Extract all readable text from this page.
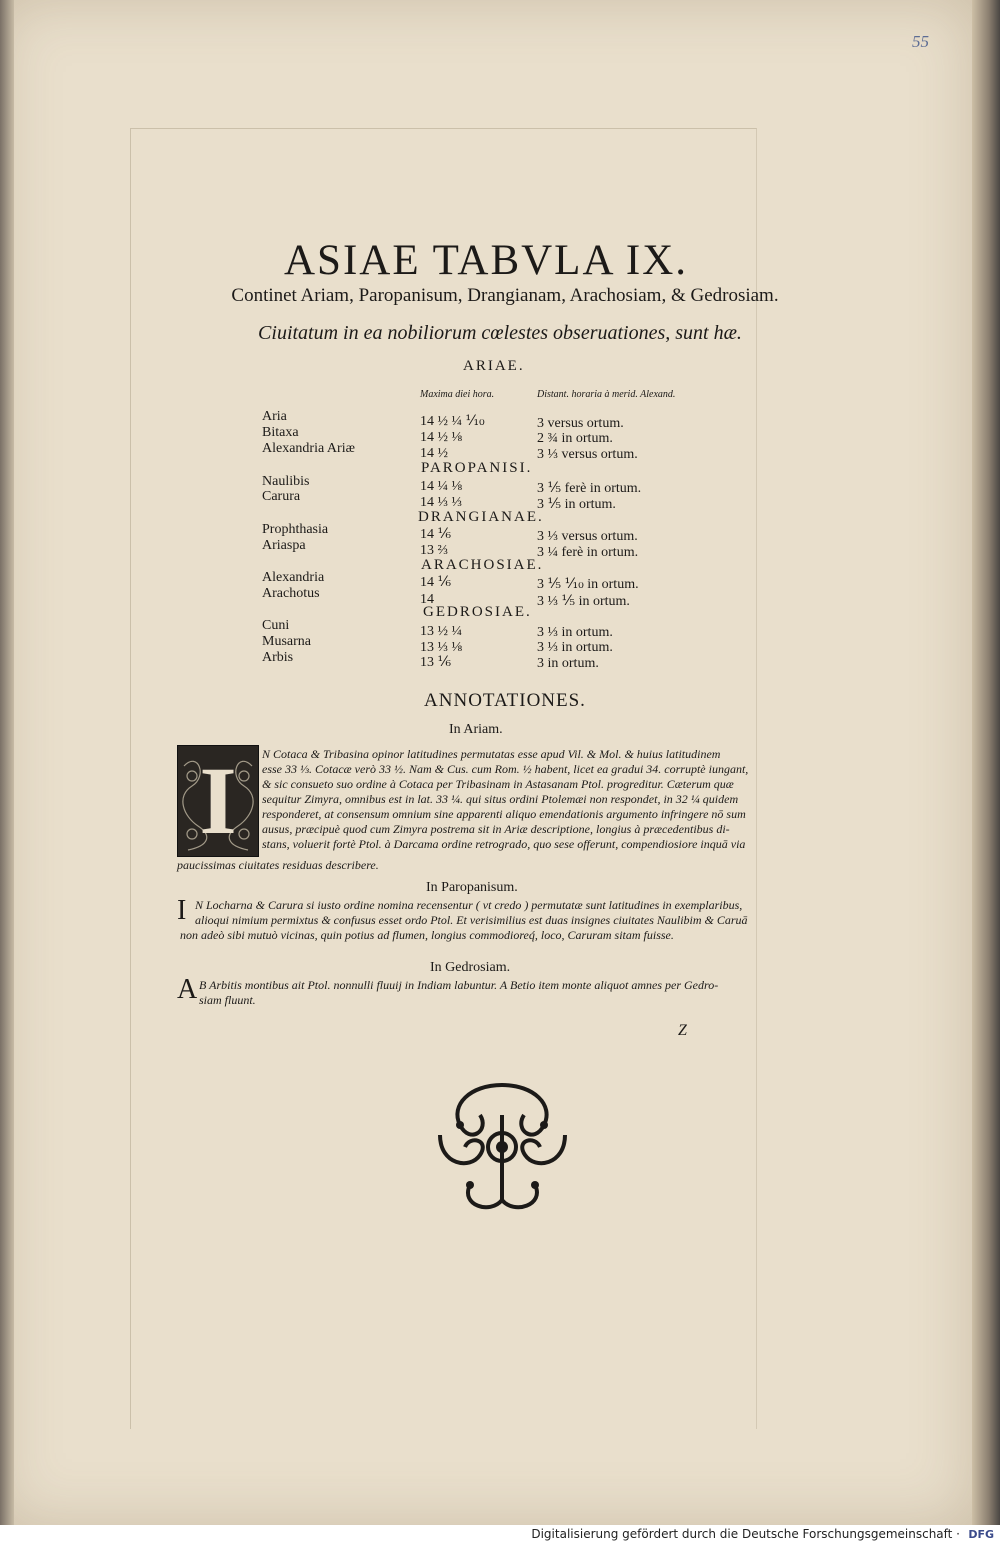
55
ASIAE TABVLA IX.
Continet Ariam, Paropanisum, Drangianam, Arachosiam, & Gedrosiam.
Ciuitatum in ea nobiliorum cœlestes obseruationes, sunt hæ.
Maxima diei hora.	Distant. horaria à merid. Alexand.
ARIAE.
Aria	14 ½ ¼ ⅒	3 versus ortum.
Bitaxa	14 ½ ⅛	2 ¾ in ortum.
Alexandria Ariæ	14 ½	3 ⅓ versus ortum.
PAROPANISI.
Naulibis	14 ¼ ⅛	3 ⅕ ferè in ortum.
Carura	14 ⅓ ⅓	3 ⅕ in ortum.
DRANGIANAE.
Prophthasia	14 ⅙	3 ⅓ versus ortum.
Ariaspa	13 ⅔	3 ¼ ferè in ortum.
ARACHOSIAE.
Alexandria	14 ⅙	3 ⅕ ⅒ in ortum.
Arachotus	14	3 ⅓ ⅕ in ortum.
GEDROSIAE.
Cuni	13 ½ ¼	3 ⅓ in ortum.
Musarna	13 ⅓ ⅛	3 ⅓ in ortum.
Arbis	13 ⅙	3 in ortum.
ANNOTATIONES.
In Ariam.
I	N Cotaca & Tribasina opinor latitudines permutatas esse apud Vil. & Mol. & huius latitudinem
esse 33 ⅓. Cotacæ verò 33 ½. Nam & Cus. cum Rom. ½ habent, licet ea gradui 34. corruptè iungant,
& sic consueto suo ordine à Cotaca per Tribasinam in Astasanam Ptol. progreditur. Cæterum quæ
sequitur Zimyra, omnibus est in lat. 33 ¼. qui situs ordini Ptolemæi non respondet, in 32 ¼ quidem
responderet, at consensum omnium sine apparenti aliquo emendationis argumento infringere nō sum
ausus, præcipuè quod cum Zimyra postrema sit in Ariæ descriptione, longius à præcedentibus di-
stans, voluerit fortè Ptol. à Darcama ordine retrogrado, quo sese offerunt, compendiosiore inquā via
paucissimas ciuitates residuas describere.
In Paropanisum.
I N Locharna & Carura si iusto ordine nomina recensentur ( vt credo ) permutatæ sunt latitudines in exemplaribus,
alioqui nimium permixtus & confusus esset ordo Ptol. Et verisimilius est duas insignes ciuitates Naulibim & Caruā
non adeò sibi mutuò vicinas, quin potius ad flumen, longius commodioreq́, loco, Caruram sitam fuisse.
In Gedrosiam.
A B Arbitis montibus ait Ptol. nonnulli fluuij in Indiam labuntur. A Betio item monte aliquot amnes per Gedro-
siam fluunt.
Z
Digitalisierung gefördert durch die Deutsche Forschungsgemeinschaft · DFG
